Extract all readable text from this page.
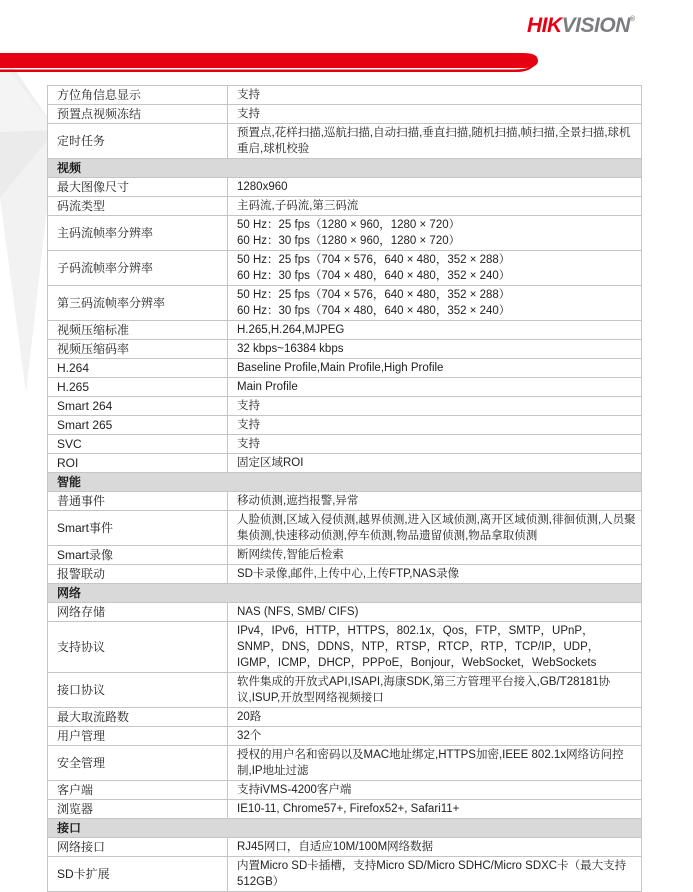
HIKVISION®
方位角信息显示	支持

预置点视频冻结	支持

定时任务	预置点,花样扫描,巡航扫描,自动扫描,垂直扫描,随机扫描,帧扫描,全景扫描,球机重启,球机校验

视频	
最大图像尺寸	1280x960

码流类型	主码流,子码流,第三码流

主码流帧率分辨率	50 Hz：25 fps（1280 × 960，1280 × 720）
60 Hz：30 fps（1280 × 960，1280 × 720）

子码流帧率分辨率	50 Hz：25 fps（704 × 576，640 × 480，352 × 288）
60 Hz：30 fps（704 × 480，640 × 480，352 × 240）

第三码流帧率分辨率	50 Hz：25 fps（704 × 576，640 × 480，352 × 288）
60 Hz：30 fps（704 × 480，640 × 480，352 × 240）

视频压缩标准	H.265,H.264,MJPEG

视频压缩码率	32 kbps~16384 kbps

H.264	Baseline Profile,Main Profile,High Profile

H.265	Main Profile

Smart 264	支持

Smart 265	支持

SVC	支持

ROI	固定区域ROI

智能	
普通事件	移动侦测,遮挡报警,异常

Smart事件	人脸侦测,区域入侵侦测,越界侦测,进入区域侦测,离开区域侦测,徘徊侦测,人员聚集侦测,快速移动侦测,停车侦测,物品遗留侦测,物品拿取侦测

Smart录像	断网续传,智能后检索

报警联动	SD卡录像,邮件,上传中心,上传FTP,NAS录像

网络	
网络存储	NAS (NFS, SMB/ CIFS)

支持协议	IPv4，IPv6，HTTP，HTTPS，802.1x，Qos，FTP，SMTP，UPnP，SNMP，DNS，DDNS，NTP，RTSP，RTCP，RTP，TCP/IP，UDP，IGMP，ICMP，DHCP，PPPoE，Bonjour，WebSocket，WebSockets

接口协议	软件集成的开放式API,ISAPI,海康SDK,第三方管理平台接入,GB/T28181协议,ISUP,开放型网络视频接口

最大取流路数	20路

用户管理	32个

安全管理	授权的用户名和密码以及MAC地址绑定,HTTPS加密,IEEE 802.1x网络访问控制,IP地址过滤

客户端	支持iVMS-4200客户端

浏览器	IE10-11, Chrome57+, Firefox52+, Safari11+

接口	
网络接口	RJ45网口，自适应10M/100M网络数据

SD卡扩展	内置Micro SD卡插槽，支持Micro SD/Micro SDHC/Micro SDXC卡（最大支持512GB）
